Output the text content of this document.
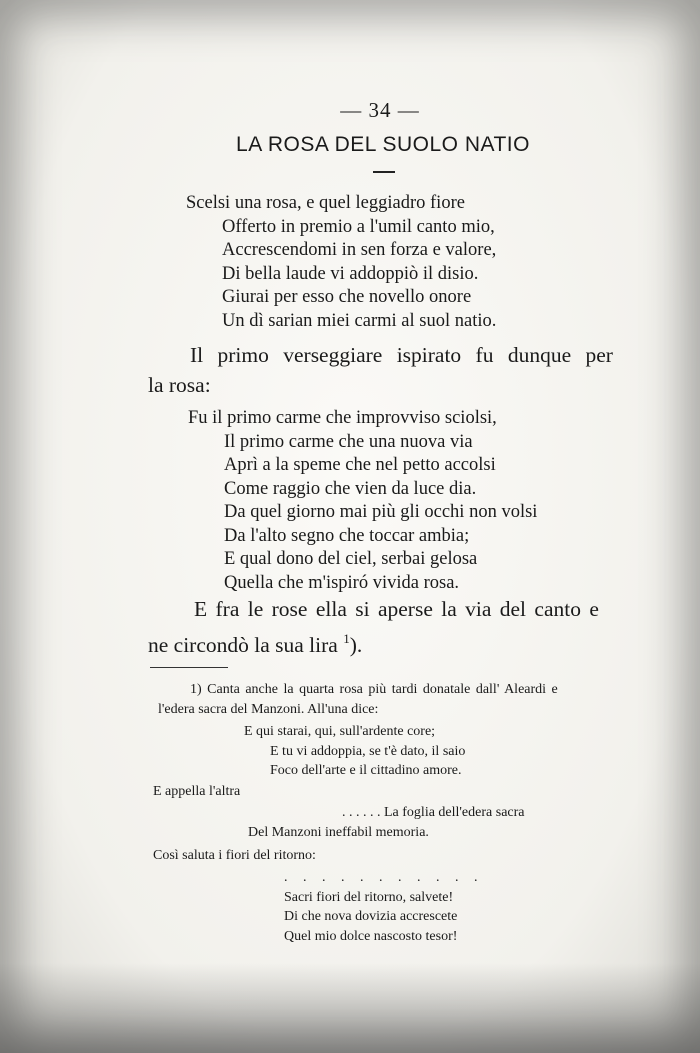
— 34 —
LA ROSA DEL SUOLO NATIO
Scelsi una rosa, e quel leggiadro fiore
Offerto in premio a l'umil canto mio,
Accrescendomi in sen forza e valore,
Di bella laude vi addoppiò il disio.
Giurai per esso che novello onore
Un dì sarian miei carmi al suol natio.
Il primo verseggiare ispirato fu dunque per
la rosa:
Fu il primo carme che improvviso sciolsi,
Il primo carme che una nuova via
Aprì a la speme che nel petto accolsi
Come raggio che vien da luce dia.
Da quel giorno mai più gli occhi non volsi
Da l'alto segno che toccar ambia;
E qual dono del ciel, serbai gelosa
Quella che m'ispiró vivida rosa.
E fra le rose ella si aperse la via del canto e
ne circondò la sua lira $^1$).
1) Canta anche la quarta rosa più tardi donatale dall' Aleardi e
l'edera sacra del Manzoni. All'una dice:
E qui starai, qui, sull'ardente core;
E tu vi addoppia, se t'è dato, il saio
Foco dell'arte e il cittadino amore.
E appella l'altra
. . . . . . La foglia dell'edera sacra
Del Manzoni ineffabil memoria.
Così saluta i fiori del ritorno:
. . . . . . . . . . .
Sacri fiori del ritorno, salvete!
Di che nova dovizia accrescete
Quel mio dolce nascosto tesor!
